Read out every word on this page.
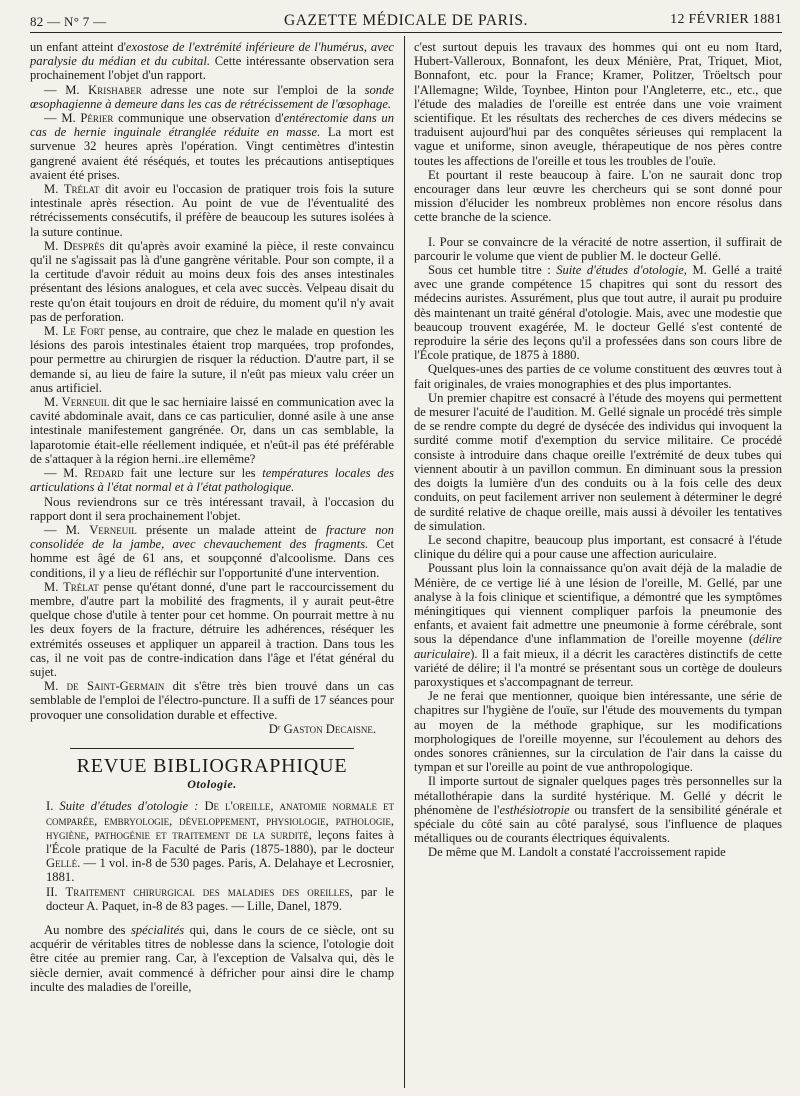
82 — N° 7 —	GAZETTE MÉDICALE DE PARIS.	12 FÉVRIER 1881

un enfant atteint d'exostose de l'extrémité inférieure de l'humérus, avec paralysie du médian et du cubital. Cette intéressante observation sera prochainement l'objet d'un rapport.

— M. Krishaber adresse une note sur l'emploi de la sonde œsophagienne à demeure dans les cas de rétrécissement de l'œsophage.

— M. Périer communique une observation d'entérectomie dans un cas de hernie inguinale étranglée réduite en masse. La mort est survenue 32 heures après l'opération. Vingt centimètres d'intestin gangrené avaient été réséqués, et toutes les précautions antiseptiques avaient été prises.

M. Trélat dit avoir eu l'occasion de pratiquer trois fois la suture intestinale après résection. Au point de vue de l'éventualité des rétrécissements consécutifs, il préfère de beaucoup les sutures isolées à la suture continue.

M. Desprès dit qu'après avoir examiné la pièce, il reste convaincu qu'il ne s'agissait pas là d'une gangrène véritable. Pour son compte, il a la certitude d'avoir réduit au moins deux fois des anses intestinales présentant des lésions analogues, et cela avec succès. Velpeau disait du reste qu'on était toujours en droit de réduire, du moment qu'il n'y avait pas de perforation.

M. Le Fort pense, au contraire, que chez le malade en question les lésions des parois intestinales étaient trop marquées, trop profondes, pour permettre au chirurgien de risquer la réduction. D'autre part, il se demande si, au lieu de faire la suture, il n'eût pas mieux valu créer un anus artificiel.

M. Verneuil dit que le sac herniaire laissé en communication avec la cavité abdominale avait, dans ce cas particulier, donné asile à une anse intestinale manifestement gangrénée. Or, dans un cas semblable, la laparotomie était-elle réellement indiquée, et n'eût-il pas été préférable de s'attaquer à la région herni..ire ellemême?

— M. Redard fait une lecture sur les températures locales des articulations à l'état normal et à l'état pathologique.

Nous reviendrons sur ce très intéressant travail, à l'occasion du rapport dont il sera prochainement l'objet.

— M. Verneuil présente un malade atteint de fracture non consolidée de la jambe, avec chevauchement des fragments. Cet homme est âgé de 61 ans, et soupçonné d'alcoolisme. Dans ces conditions, il y a lieu de réfléchir sur l'opportunité d'une intervention.

M. Trélat pense qu'étant donné, d'une part le raccourcissement du membre, d'autre part la mobilité des fragments, il y aurait peut-être quelque chose d'utile à tenter pour cet homme. On pourrait mettre à nu les deux foyers de la fracture, détruire les adhérences, réséquer les extrémités osseuses et appliquer un appareil à traction. Dans tous les cas, il ne voit pas de contre-indication dans l'âge et l'état général du sujet.

M. de Saint-Germain dit s'être très bien trouvé dans un cas semblable de l'emploi de l'électro-puncture. Il a suffi de 17 séances pour provoquer une consolidation durable et effective.

Dʳ Gaston Decaisne.

REVUE BIBLIOGRAPHIQUE
Otologie.

I. Suite d'études d'otologie : De l'oreille, anatomie normale et comparée, embryologie, développement, physiologie, pathologie, hygiène, pathogénie et traitement de la surdité, leçons faites à l'École pratique de la Faculté de Paris (1875-1880), par le docteur Gellé. — 1 vol. in-8 de 530 pages. Paris, A. Delahaye et Lecrosnier, 1881.

II. Traitement chirurgical des maladies des oreilles, par le docteur A. Paquet, in-8 de 83 pages. — Lille, Danel, 1879.

Au nombre des spécialités qui, dans le cours de ce siècle, ont su acquérir de véritables titres de noblesse dans la science, l'otologie doit être citée au premier rang. Car, à l'exception de Valsalva qui, dès le siècle dernier, avait commencé à défricher pour ainsi dire le champ inculte des maladies de l'oreille,

c'est surtout depuis les travaux des hommes qui ont eu nom Itard, Hubert-Valleroux, Bonnafont, les deux Ménière, Prat, Triquet, Miot, Bonnafont, etc. pour la France; Kramer, Politzer, Tröeltsch pour l'Allemagne; Wilde, Toynbee, Hinton pour l'Angleterre, etc., etc., que l'étude des maladies de l'oreille est entrée dans une voie vraiment scientifique. Et les résultats des recherches de ces divers médecins se traduisent aujourd'hui par des conquêtes sérieuses qui remplacent la vague et uniforme, sinon aveugle, thérapeutique de nos pères contre toutes les affections de l'oreille et tous les troubles de l'ouïe.

Et pourtant il reste beaucoup à faire. L'on ne saurait donc trop encourager dans leur œuvre les chercheurs qui se sont donné pour mission d'élucider les nombreux problèmes non encore résolus dans cette branche de la science.

I. Pour se convaincre de la véracité de notre assertion, il suffirait de parcourir le volume que vient de publier M. le docteur Gellé.

Sous cet humble titre : Suite d'études d'otologie, M. Gellé a traité avec une grande compétence 15 chapitres qui sont du ressort des médecins auristes. Assurément, plus que tout autre, il aurait pu produire dès maintenant un traité général d'otologie. Mais, avec une modestie que beaucoup trouvent exagérée, M. le docteur Gellé s'est contenté de reproduire la série des leçons qu'il a professées dans son cours libre de l'École pratique, de 1875 à 1880.

Quelques-unes des parties de ce volume constituent des œuvres tout à fait originales, de vraies monographies et des plus importantes.

Un premier chapitre est consacré à l'étude des moyens qui permettent de mesurer l'acuité de l'audition. M. Gellé signale un procédé très simple de se rendre compte du degré de dysécée des individus qui invoquent la surdité comme motif d'exemption du service militaire. Ce procédé consiste à introduire dans chaque oreille l'extrémité de deux tubes qui viennent aboutir à un pavillon commun. En diminuant sous la pression des doigts la lumière d'un des conduits ou à la fois celle des deux conduits, on peut facilement arriver non seulement à déterminer le degré de surdité relative de chaque oreille, mais aussi à dévoiler les tentatives de simulation.

Le second chapitre, beaucoup plus important, est consacré à l'étude clinique du délire qui a pour cause une affection auriculaire.

Poussant plus loin la connaissance qu'on avait déjà de la maladie de Ménière, de ce vertige lié à une lésion de l'oreille, M. Gellé, par une analyse à la fois clinique et scientifique, a démontré que les symptômes méningitiques qui viennent compliquer parfois la pneumonie des enfants, et avaient fait admettre une pneumonie à forme cérébrale, sont sous la dépendance d'une inflammation de l'oreille moyenne (délire auriculaire). Il a fait mieux, il a décrit les caractères distinctifs de cette variété de délire; il l'a montré se présentant sous un cortège de douleurs paroxystiques et s'accompagnant de terreur.

Je ne ferai que mentionner, quoique bien intéressante, une série de chapitres sur l'hygiène de l'ouïe, sur l'étude des mouvements du tympan au moyen de la méthode graphique, sur les modifications morphologiques de l'oreille moyenne, sur l'écoulement au dehors des ondes sonores crâniennes, sur la circulation de l'air dans la caisse du tympan et sur l'oreille au point de vue anthropologique.

Il importe surtout de signaler quelques pages très personnelles sur la métallothérapie dans la surdité hystérique. M. Gellé y décrit le phénomène de l'esthésiotropie ou transfert de la sensibilité générale et spéciale du côté sain au côté paralysé, sous l'influence de plaques métalliques ou de courants électriques équivalents.

De même que M. Landolt a constaté l'accroissement rapide
